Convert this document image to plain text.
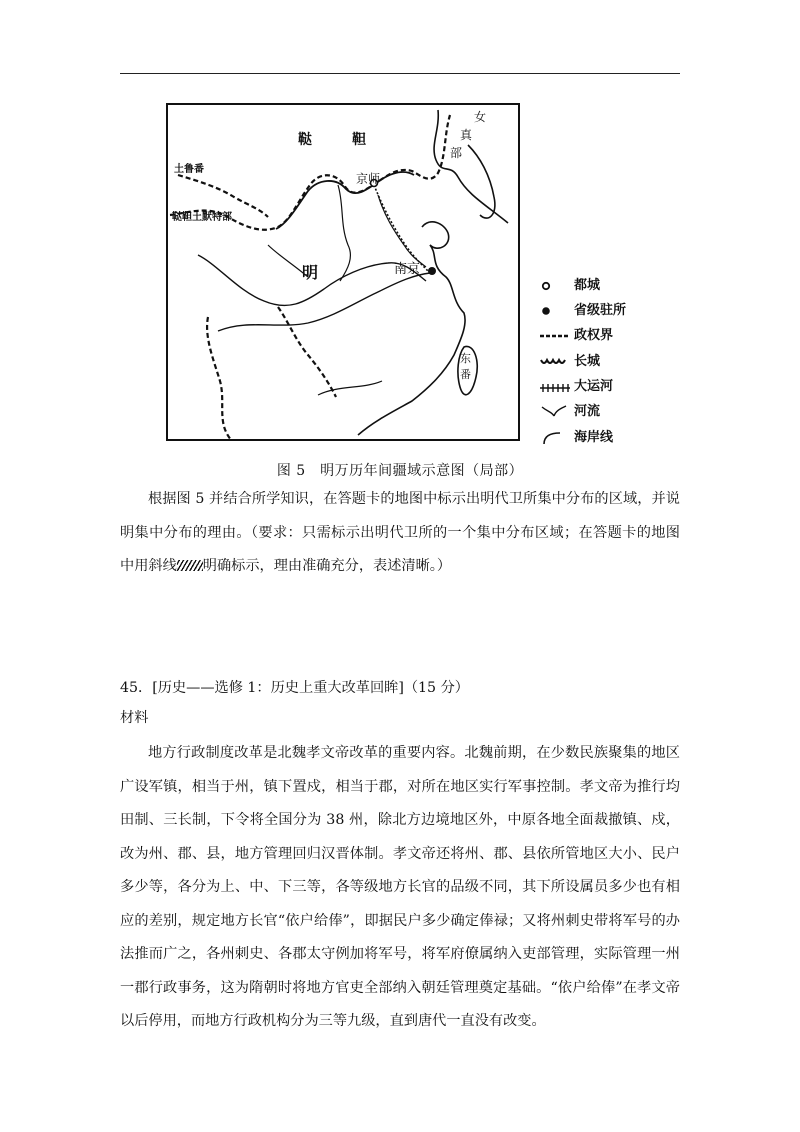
鞑	靼
土鲁番
鞑靼土默特部
女
真
部
京师
明	南京
东
番
都城
省级驻所
政权界
长城
大运河
河流
海岸线
图 5　明万历年间疆域示意图（局部）
根据图 5 并结合所学知识，在答题卡的地图中标示出明代卫所集中分布的区域，并说明集中分布的理由。（要求：只需标示出明代卫所的一个集中分布区域；在答题卡的地图中用斜线 明确标示，理由准确充分，表述清晰。）
45．[历史——选修 1：历史上重大改革回眸]（15 分）
材料
地方行政制度改革是北魏孝文帝改革的重要内容。北魏前期，在少数民族聚集的地区广设军镇，相当于州，镇下置戍，相当于郡，对所在地区实行军事控制。孝文帝为推行均田制、三长制，下令将全国分为 38 州，除北方边境地区外，中原各地全面裁撤镇、戍，改为州、郡、县，地方管理回归汉晋体制。孝文帝还将州、郡、县依所管地区大小、民户多少等，各分为上、中、下三等，各等级地方长官的品级不同，其下所设属员多少也有相应的差别，规定地方长官“依户给俸”，即据民户多少确定俸禄；又将州刺史带将军号的办法推而广之，各州刺史、各郡太守例加将军号，将军府僚属纳入吏部管理，实际管理一州一郡行政事务，这为隋朝时将地方官吏全部纳入朝廷管理奠定基础。“依户给俸”在孝文帝以后停用，而地方行政机构分为三等九级，直到唐代一直没有改变。
